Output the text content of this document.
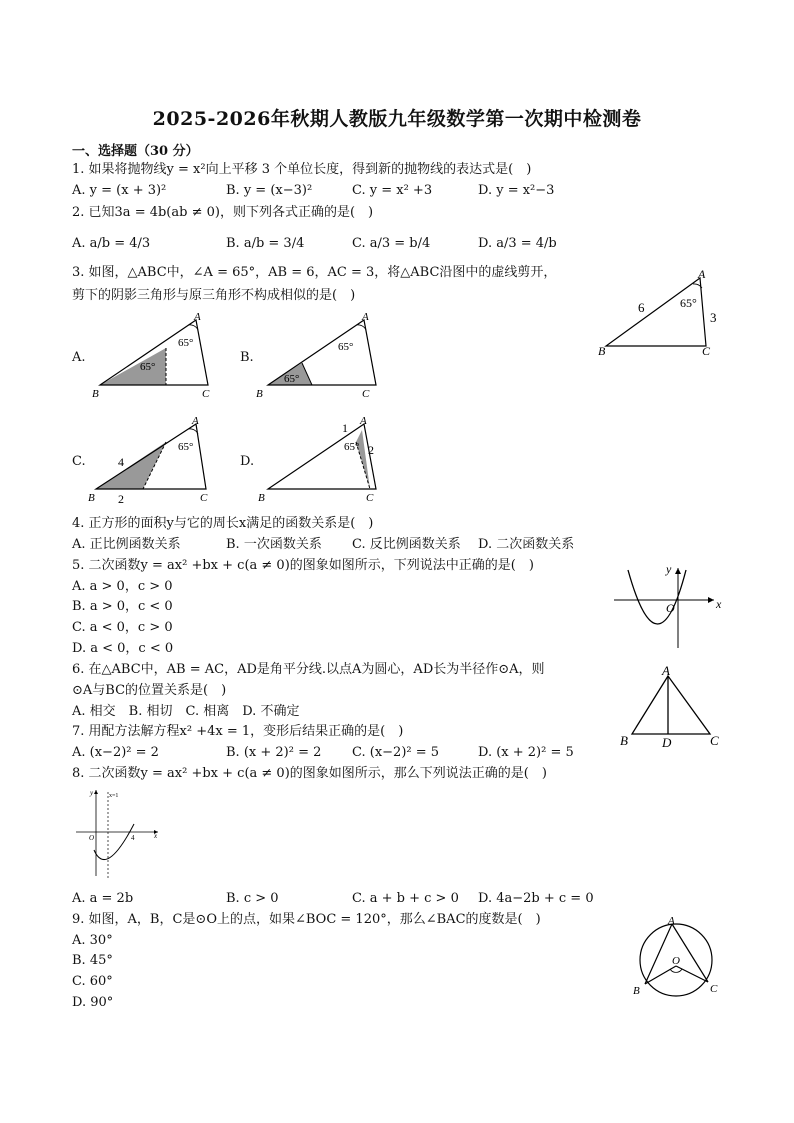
2025-2026年秋期人教版九年级数学第一次期中检测卷
一、选择题（30 分）
1. 如果将抛物线y = x²向上平移 3 个单位长度，得到新的抛物线的表达式是(　)
A. y = (x + 3)²	B. y = (x−3)²	C. y = x² +3	D. y = x²−3
2. 已知3a = 4b(ab ≠ 0)，则下列各式正确的是(　)
A. a/b = 4/3	B. a/b = 3/4	C. a/3 = b/4	D. a/3 = 4/b
3. 如图，△ABC中，∠A = 65°，AB = 6，AC = 3，将△ABC沿图中的虚线剪开，
剪下的阴影三角形与原三角形不构成相似的是(　)
A
B	C
65°
6
3
A.
A
B	C
65°
65°
B.
A
B	C
65°
65°
C.
A
B	C
65°
4
2
D.
A
B	C
65°
1
2
4. 正方形的面积y与它的周长x满足的函数关系是(　)
A. 正比例函数关系	B. 一次函数关系 C. 反比例函数关系 D. 二次函数关系
5. 二次函数y = ax² +bx + c(a ≠ 0)的图象如图所示，下列说法中正确的是(　)
A. a > 0，c > 0
B. a > 0，c < 0
C. a < 0，c > 0
D. a < 0，c < 0
x
y
O
6. 在△ABC中，AB = AC，AD是角平分线.以点A为圆心，AD长为半径作⊙A，则
⊙A与BC的位置关系是(　)
A. 相交　B. 相切　C. 相离　D. 不确定
A
B	D	C
7. 用配方法解方程x² +4x = 1，变形后结果正确的是(　)
A. (x−2)² = 2	B. (x + 2)² = 2 C. (x−2)² = 5	D. (x + 2)² = 5
8. 二次函数y = ax² +bx + c(a ≠ 0)的图象如图所示，那么下列说法正确的是(　)
y	x=1
x
O	4
A. a = 2b	B. c > 0	C. a + b + c > 0 D. 4a−2b + c = 0
9. 如图，A，B，C是⊙O上的点，如果∠BOC = 120°，那么∠BAC的度数是(　)
A. 30°
B. 45°
C. 60°
D. 90°
A
B	C
O
